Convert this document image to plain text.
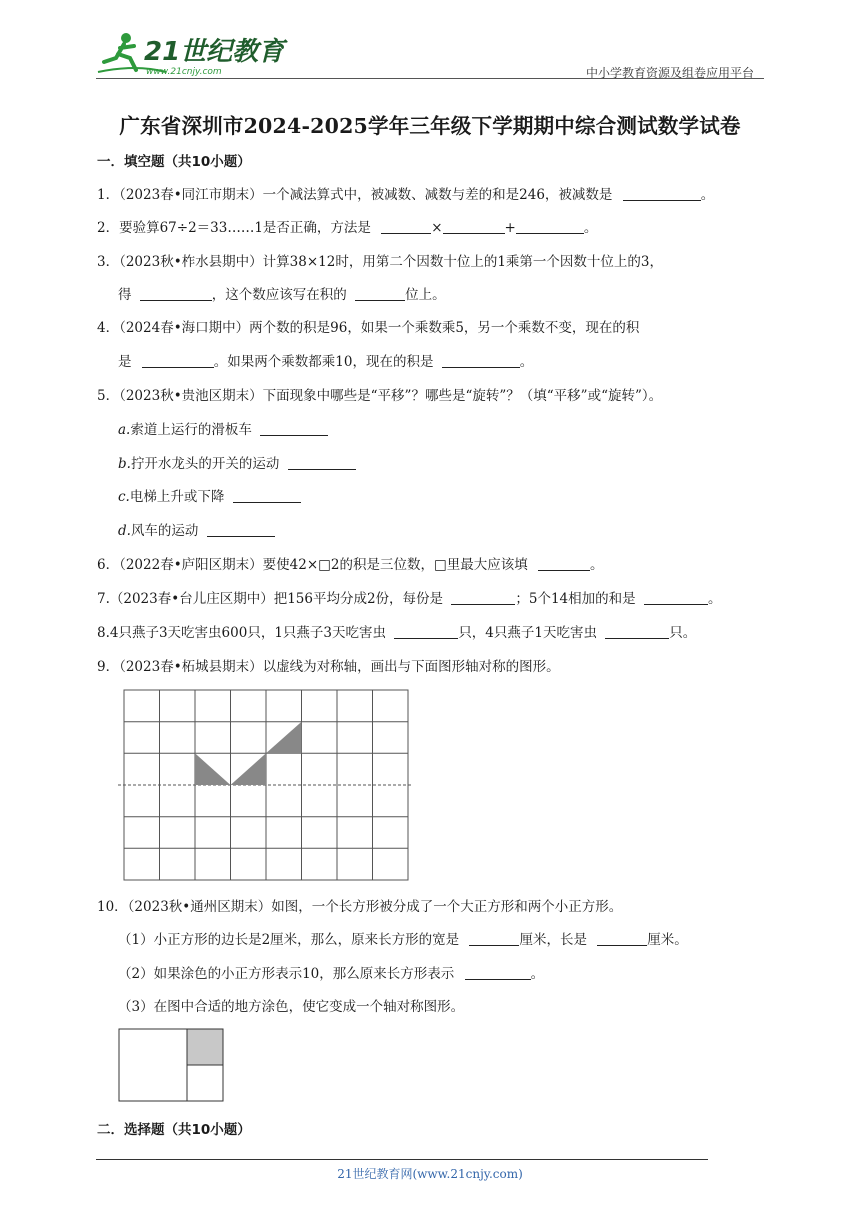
21世纪教育
www.21cnjy.com	中小学教育资源及组卷应用平台
广东省深圳市2024-2025学年三年级下学期期中综合测试数学试卷
一．填空题（共10小题）
1．（2023春•同江市期末）一个减法算式中，被减数、减数与差的和是246，被减数是	。
2．要验算67÷2＝33……1是否正确，方法是	×	+	。
3．（2023秋•柞水县期中）计算38×12时，用第二个因数十位上的1乘第一个因数十位上的3，
得	，这个数应该写在积的	位上。
4．（2024春•海口期中）两个数的积是96，如果一个乘数乘5，另一个乘数不变，现在的积
是	。如果两个乘数都乘10，现在的积是	。
5．（2023秋•贵池区期末）下面现象中哪些是“平移”？哪些是“旋转”？（填“平移”或“旋转”）。
a.索道上运行的滑板车
b.拧开水龙头的开关的运动
c.电梯上升或下降
d.风车的运动
6．（2022春•庐阳区期末）要使42×□2的积是三位数，□里最大应该填	。
7.（2023春•台儿庄区期中）把156平均分成2份，每份是	；5个14相加的和是	。
8.4只燕子3天吃害虫600只，1只燕子3天吃害虫	只，4只燕子1天吃害虫	只。
9．（2023春•柘城县期末）以虚线为对称轴，画出与下面图形轴对称的图形。
10．（2023秋•通州区期末）如图，一个长方形被分成了一个大正方形和两个小正方形。
（1）小正方形的边长是2厘米，那么，原来长方形的宽是	厘米，长是	厘米。
（2）如果涂色的小正方形表示10，那么原来长方形表示	。
（3）在图中合适的地方涂色，使它变成一个轴对称图形。
二．选择题（共10小题）
21世纪教育网(www.21cnjy.com)
